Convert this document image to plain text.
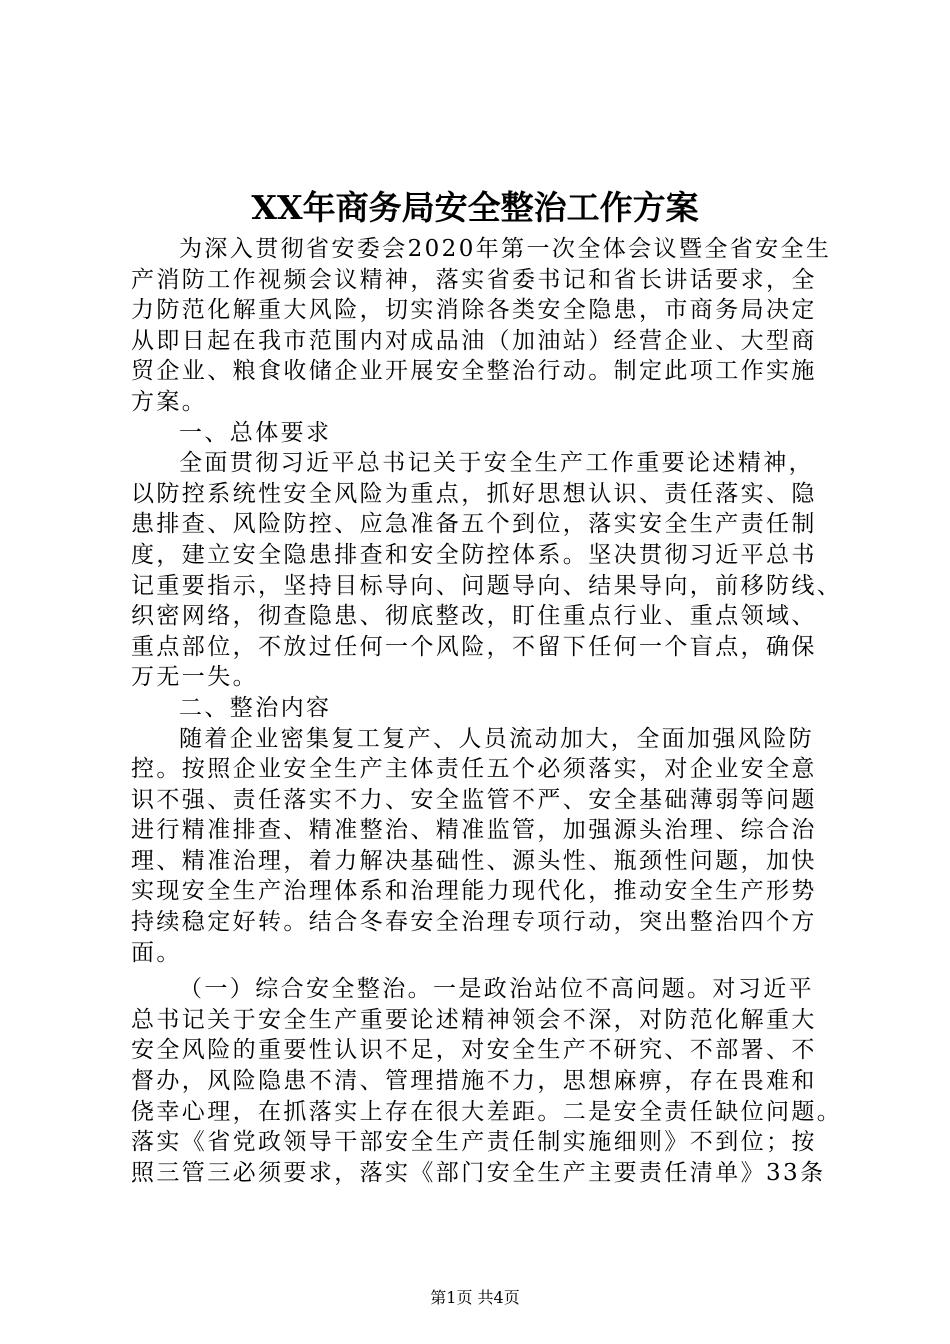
XX年商务局安全整治工作方案
为深入贯彻省安委会2020年第一次全体会议暨全省安全生
产消防工作视频会议精神，落实省委书记和省长讲话要求，全
力防范化解重大风险，切实消除各类安全隐患，市商务局决定
从即日起在我市范围内对成品油（加油站）经营企业、大型商
贸企业、粮食收储企业开展安全整治行动。制定此项工作实施
方案。
一、总体要求
全面贯彻习近平总书记关于安全生产工作重要论述精神，
以防控系统性安全风险为重点，抓好思想认识、责任落实、隐
患排查、风险防控、应急准备五个到位，落实安全生产责任制
度，建立安全隐患排查和安全防控体系。坚决贯彻习近平总书
记重要指示，坚持目标导向、问题导向、结果导向，前移防线、
织密网络，彻查隐患、彻底整改，盯住重点行业、重点领域、
重点部位，不放过任何一个风险，不留下任何一个盲点，确保
万无一失。
二、整治内容
随着企业密集复工复产、人员流动加大，全面加强风险防
控。按照企业安全生产主体责任五个必须落实，对企业安全意
识不强、责任落实不力、安全监管不严、安全基础薄弱等问题
进行精准排查、精准整治、精准监管，加强源头治理、综合治
理、精准治理，着力解决基础性、源头性、瓶颈性问题，加快
实现安全生产治理体系和治理能力现代化，推动安全生产形势
持续稳定好转。结合冬春安全治理专项行动，突出整治四个方
面。
（一）综合安全整治。一是政治站位不高问题。对习近平
总书记关于安全生产重要论述精神领会不深，对防范化解重大
安全风险的重要性认识不足，对安全生产不研究、不部署、不
督办，风险隐患不清、管理措施不力，思想麻痹，存在畏难和
侥幸心理，在抓落实上存在很大差距。二是安全责任缺位问题。
落实《省党政领导干部安全生产责任制实施细则》不到位；按
照三管三必须要求，落实《部门安全生产主要责任清单》33条
第1页 共4页
